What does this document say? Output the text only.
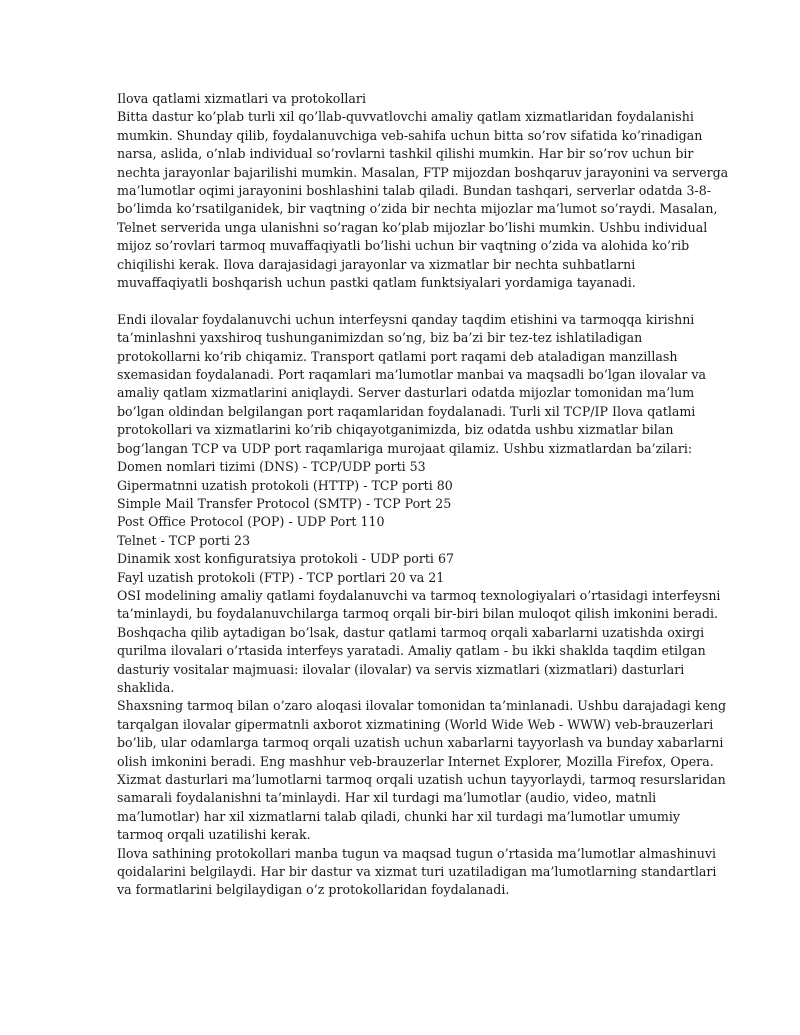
Ilova qatlami xizmatlari va protokollari
Bitta dastur ko’plab turli xil qo’llab-quvvatlovchi amaliy qatlam xizmatlaridan foydalanishi
mumkin. Shunday qilib, foydalanuvchiga veb-sahifa uchun bitta so’rov sifatida ko’rinadigan
narsa, aslida, o’nlab individual so’rovlarni tashkil qilishi mumkin. Har bir so’rov uchun bir
nechta jarayonlar bajarilishi mumkin. Masalan, FTP mijozdan boshqaruv jarayonini va serverga
ma’lumotlar oqimi jarayonini boshlashini talab qiladi. Bundan tashqari, serverlar odatda 3-8-
bo’limda ko’rsatilganidek, bir vaqtning o’zida bir nechta mijozlar ma’lumot so’raydi. Masalan,
Telnet serverida unga ulanishni so’ragan ko’plab mijozlar bo’lishi mumkin. Ushbu individual
mijoz so’rovlari tarmoq muvaffaqiyatli bo’lishi uchun bir vaqtning o’zida va alohida ko’rib
chiqilishi kerak. Ilova darajasidagi jarayonlar va xizmatlar bir nechta suhbatlarni
muvaffaqiyatli boshqarish uchun pastki qatlam funktsiyalari yordamiga tayanadi.
Endi ilovalar foydalanuvchi uchun interfeysni qanday taqdim etishini va tarmoqqa kirishni
ta’minlashni yaxshiroq tushunganimizdan so’ng, biz ba’zi bir tez-tez ishlatiladigan
protokollarni ko’rib chiqamiz. Transport qatlami port raqami deb ataladigan manzillash
sxemasidan foydalanadi. Port raqamlari ma’lumotlar manbai va maqsadli bo’lgan ilovalar va
amaliy qatlam xizmatlarini aniqlaydi. Server dasturlari odatda mijozlar tomonidan ma’lum
bo’lgan oldindan belgilangan port raqamlaridan foydalanadi. Turli xil TCP/IP Ilova qatlami
protokollari va xizmatlarini ko’rib chiqayotganimizda, biz odatda ushbu xizmatlar bilan
bog’langan TCP va UDP port raqamlariga murojaat qilamiz. Ushbu xizmatlardan ba’zilari:
Domen nomlari tizimi (DNS) - TCP/UDP porti 53
Gipermatnni uzatish protokoli (HTTP) - TCP porti 80
Simple Mail Transfer Protocol (SMTP) - TCP Port 25
Post Office Protocol (POP) - UDP Port 110
Telnet - TCP porti 23
Dinamik xost konfiguratsiya protokoli - UDP porti 67
Fayl uzatish protokoli (FTP) - TCP portlari 20 va 21
OSI modelining amaliy qatlami foydalanuvchi va tarmoq texnologiyalari o’rtasidagi interfeysni
ta’minlaydi, bu foydalanuvchilarga tarmoq orqali bir-biri bilan muloqot qilish imkonini beradi.
Boshqacha qilib aytadigan bo’lsak, dastur qatlami tarmoq orqali xabarlarni uzatishda oxirgi
qurilma ilovalari o’rtasida interfeys yaratadi. Amaliy qatlam - bu ikki shaklda taqdim etilgan
dasturiy vositalar majmuasi: ilovalar (ilovalar) va servis xizmatlari (xizmatlari) dasturlari
shaklida.
Shaxsning tarmoq bilan o’zaro aloqasi ilovalar tomonidan ta’minlanadi. Ushbu darajadagi keng
tarqalgan ilovalar gipermatnli axborot xizmatining (World Wide Web - WWW) veb-brauzerlari
bo’lib, ular odamlarga tarmoq orqali uzatish uchun xabarlarni tayyorlash va bunday xabarlarni
olish imkonini beradi. Eng mashhur veb-brauzerlar Internet Explorer, Mozilla Firefox, Opera.
Xizmat dasturlari ma’lumotlarni tarmoq orqali uzatish uchun tayyorlaydi, tarmoq resurslaridan
samarali foydalanishni ta’minlaydi. Har xil turdagi ma’lumotlar (audio, video, matnli
ma’lumotlar) har xil xizmatlarni talab qiladi, chunki har xil turdagi ma’lumotlar umumiy
tarmoq orqali uzatilishi kerak.
Ilova sathining protokollari manba tugun va maqsad tugun o’rtasida ma’lumotlar almashinuvi
qoidalarini belgilaydi. Har bir dastur va xizmat turi uzatiladigan ma’lumotlarning standartlari
va formatlarini belgilaydigan o’z protokollaridan foydalanadi.
